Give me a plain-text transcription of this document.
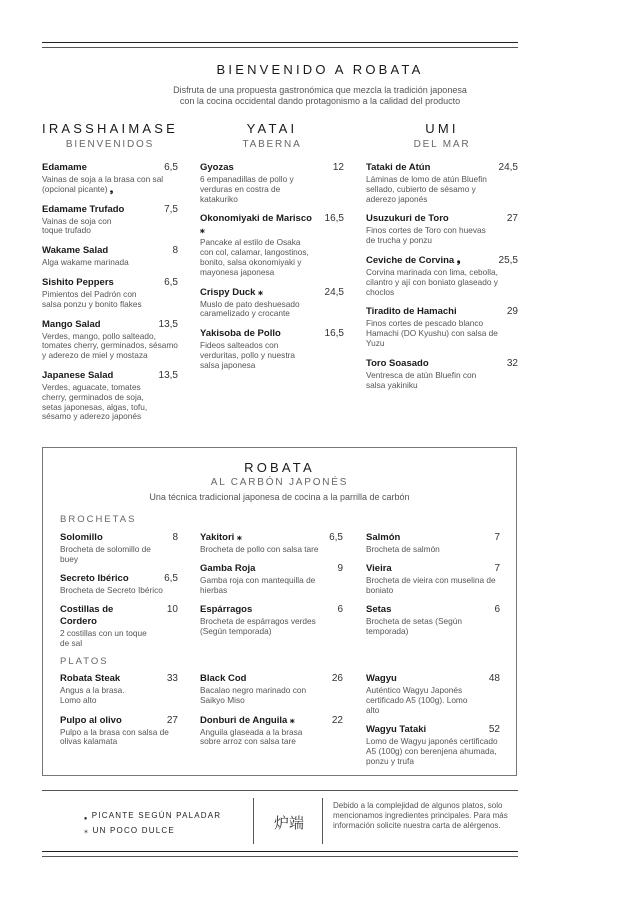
BIENVENIDO A ROBATA
Disfruta de una propuesta gastronómica que mezcla la tradición japonesa
con la cocina occidental dando protagonismo a la calidad del producto
IRASSHAIMASE
BIENVENIDOS
YATAI
TABERNA
UMI
DEL MAR
Edamame	6,5
Vainas de soja a la brasa con sal (opcional picante) ❟
Edamame Trufado	7,5
Vainas de soja con toque trufado
Wakame Salad	8
Alga wakame marinada
Sishito Peppers	6,5
Pimientos del Padrón con salsa ponzu y bonito flakes
Mango Salad	13,5
Verdes, mango, pollo salteado, tomates cherry, germinados, sésamo y aderezo de miel y mostaza
Japanese Salad	13,5
Verdes, aguacate, tomates cherry, germinados de soja, setas japonesas, algas, tofu, sésamo y aderezo japonés
Gyozas	12
6 empanadillas de pollo y verduras en costra de katakuriko
Okonomiyaki de Marisco ⁎
16,5
Pancake al estilo de Osaka con col, calamar, langostinos, bonito, salsa okonomiyaki y mayonesa japonesa
Crispy Duck ⁎	24,5
Muslo de pato deshuesado caramelizado y crocante
Yakisoba de Pollo	16,5
Fideos salteados con verduritas, pollo y nuestra salsa japonesa
Tataki de Atún	24,5
Láminas de lomo de atún Bluefin sellado, cubierto de sésamo y aderezo japonés
Usuzukuri de Toro	27
Finos cortes de Toro con huevas de trucha y ponzu
Ceviche de Corvina ❟	25,5
Corvina marinada con lima, cebolla, cilantro y ají con boniato glaseado y choclos
Tiradito de Hamachi	29
Finos cortes de pescado blanco Hamachi (DO Kyushu) con salsa de Yuzu
Toro Soasado	32
Ventresca de atún Bluefin con salsa yakiniku
ROBATA
AL CARBÓN JAPONÉS
Una técnica tradicional japonesa de cocina a la parrilla de carbón
BROCHETAS
Solomillo	8
Brocheta de solomillo de buey
Secreto Ibérico	6,5
Brocheta de Secreto Ibérico
Costillas de Cordero
10
2 costillas con un toque de sal
Yakitori ⁎	6,5
Brocheta de pollo con salsa tare
Gamba Roja	9
Gamba roja con mantequilla de hierbas
Espárragos	6
Brocheta de espárragos verdes (Según temporada)
Salmón	7
Brocheta de salmón
Vieira	7
Brocheta de vieira con muselina de boniato
Setas	6
Brocheta de setas (Según temporada)
PLATOS
Robata Steak	33
Angus a la brasa. Lomo alto
Pulpo al olivo	27
Pulpo a la brasa con salsa de olivas kalamata
Black Cod	26
Bacalao negro marinado con Saikyo Miso
Donburi de Anguila ⁎	22
Anguila glaseada a la brasa sobre arroz con salsa tare
Wagyu	48
Auténtico Wagyu Japonés certificado A5 (100g). Lomo alto
Wagyu Tataki	52
Lomo de Wagyu japonés certificado A5 (100g) con berenjena ahumada, ponzu y trufa
❟ PICANTE SEGÚN PALADAR
⁎ UN POCO DULCE	炉端
Debido a la complejidad de algunos platos, solo mencionamos ingredientes principales. Para más información solicite nuestra carta de alérgenos.
